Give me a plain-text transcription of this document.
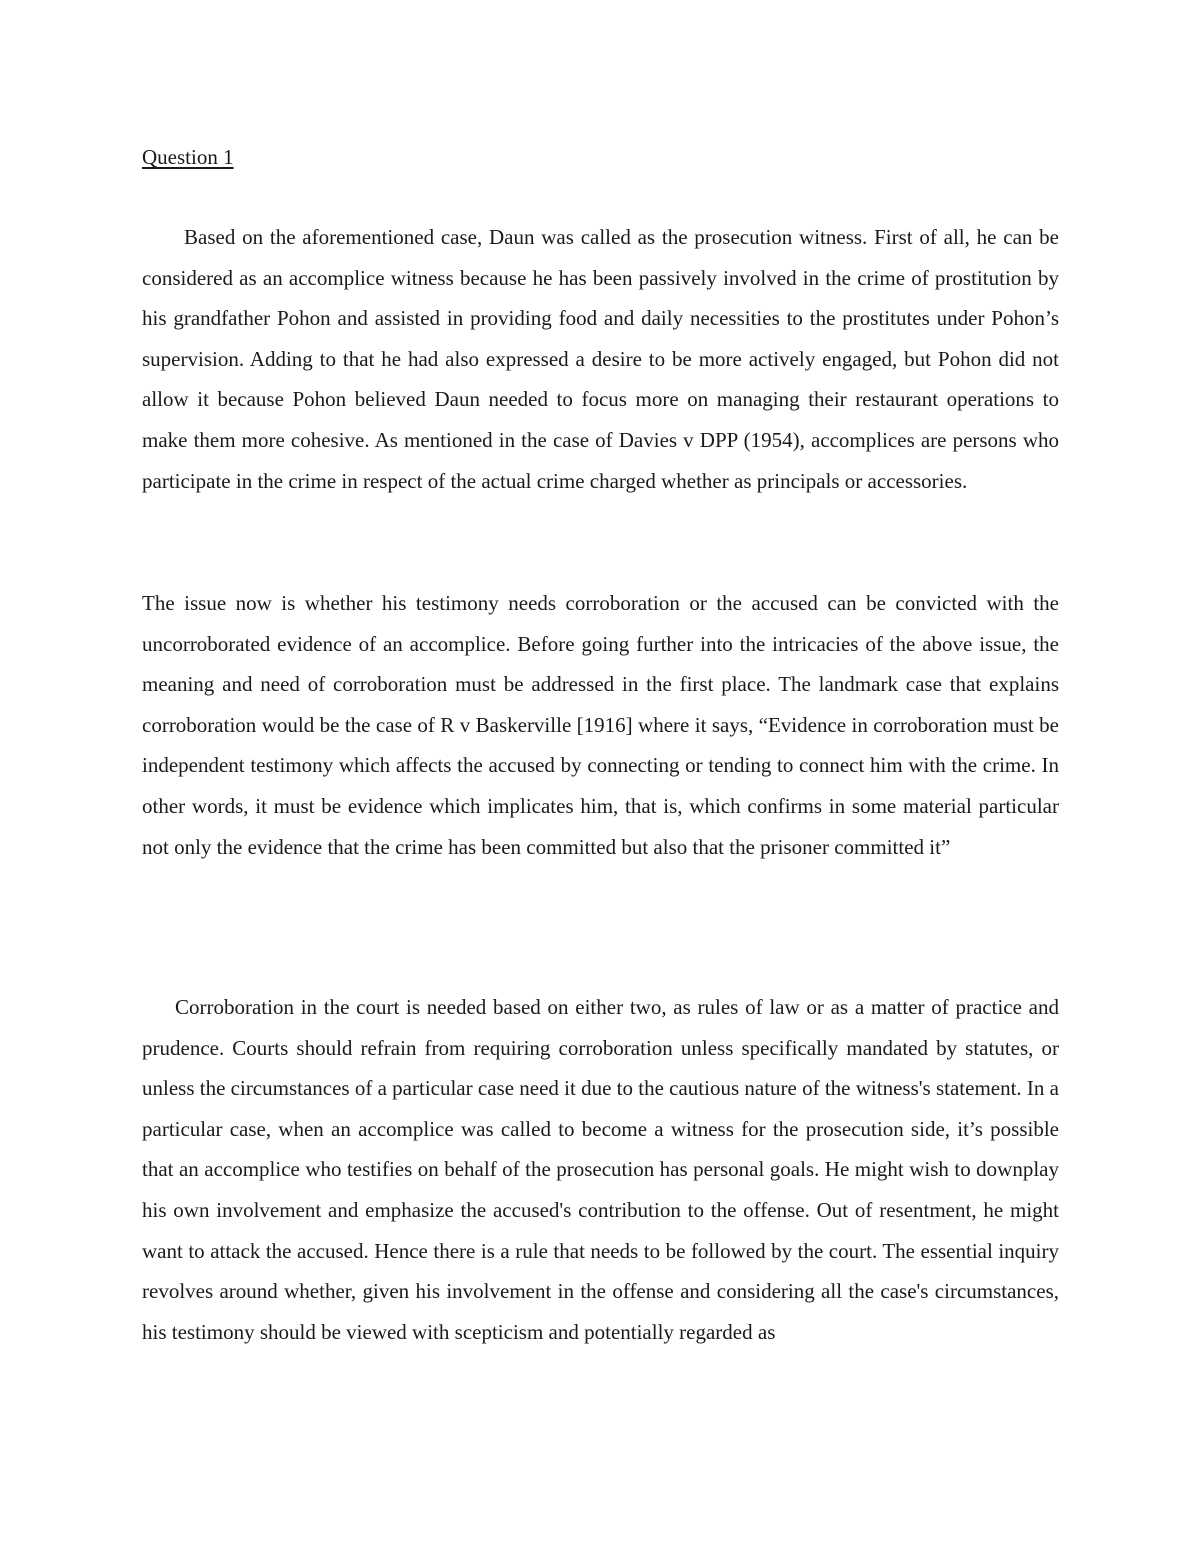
Question 1

Based on the aforementioned case, Daun was called as the prosecution witness. First of all, he can be considered as an accomplice witness because he has been passively involved in the crime of prostitution by his grandfather Pohon and assisted in providing food and daily necessities to the prostitutes under Pohon’s supervision. Adding to that he had also expressed a desire to be more actively engaged, but Pohon did not allow it because Pohon believed Daun needed to focus more on managing their restaurant operations to make them more cohesive. As mentioned in the case of Davies v DPP (1954), accomplices are persons who participate in the crime in respect of the actual crime charged whether as principals or accessories.

The issue now is whether his testimony needs corroboration or the accused can be convicted with the uncorroborated evidence of an accomplice. Before going further into the intricacies of the above issue, the meaning and need of corroboration must be addressed in the first place. The landmark case that explains corroboration would be the case of R v Baskerville [1916] where it says, “Evidence in corroboration must be independent testimony which affects the accused by connecting or tending to connect him with the crime. In other words, it must be evidence which implicates him, that is, which confirms in some material particular not only the evidence that the crime has been committed but also that the prisoner committed it”

Corroboration in the court is needed based on either two, as rules of law or as a matter of practice and prudence. Courts should refrain from requiring corroboration unless specifically mandated by statutes, or unless the circumstances of a particular case need it due to the cautious nature of the witness's statement. In a particular case, when an accomplice was called to become a witness for the prosecution side, it’s possible that an accomplice who testifies on behalf of the prosecution has personal goals. He might wish to downplay his own involvement and emphasize the accused's contribution to the offense. Out of resentment, he might want to attack the accused. Hence there is a rule that needs to be followed by the court. The essential inquiry revolves around whether, given his involvement in the offense and considering all the case's circumstances, his testimony should be viewed with scepticism and potentially regarded as
